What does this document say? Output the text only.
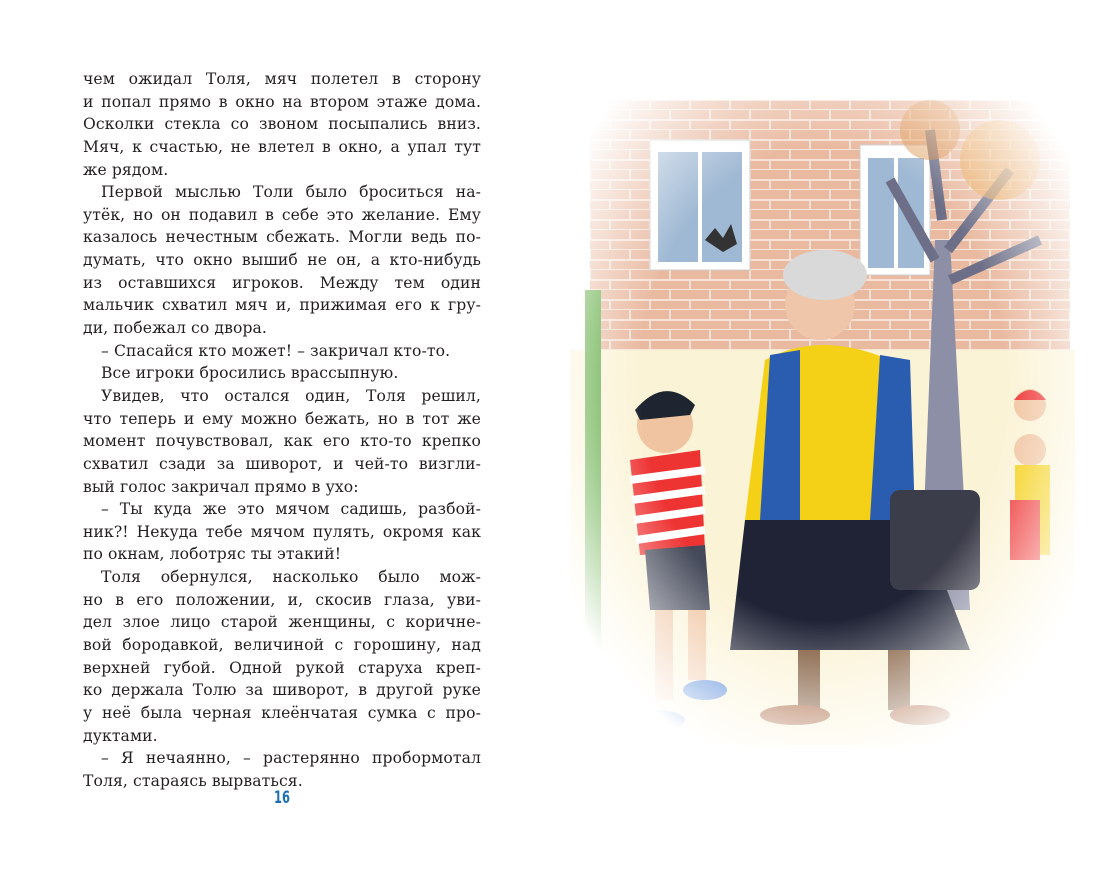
чем ожидал Толя, мяч полетел в сторону
и попал прямо в окно на втором этаже дома.
Осколки стекла со звоном посыпались вниз.
Мяч, к счастью, не влетел в окно, а упал тут
же рядом.
Первой мыслью Толи было броситься на-
утёк, но он подавил в себе это желание. Ему
казалось нечестным сбежать. Могли ведь по-
думать, что окно вышиб не он, а кто-нибудь
из оставшихся игроков. Между тем один
мальчик схватил мяч и, прижимая его к гру-
ди, побежал со двора.
– Спасайся кто может! – закричал кто-то.
Все игроки бросились врассыпную.
Увидев, что остался один, Толя решил,
что теперь и ему можно бежать, но в тот же
момент почувствовал, как его кто-то крепко
схватил сзади за шиворот, и чей-то визгли-
вый голос закричал прямо в ухо:
– Ты куда же это мячом садишь, разбой-
ник?! Некуда тебе мячом пулять, окромя как
по окнам, лоботряс ты этакий!
Толя обернулся, насколько было мож-
но в его положении, и, скосив глаза, уви-
дел злое лицо старой женщины, с коричне-
вой бородавкой, величиной с горошину, над
верхней губой. Одной рукой старуха креп-
ко держала Толю за шиворот, в другой руке
у неё была черная клеёнчатая сумка с про-
дуктами.
– Я нечаянно, – растерянно пробормотал
Толя, стараясь вырваться.
16
